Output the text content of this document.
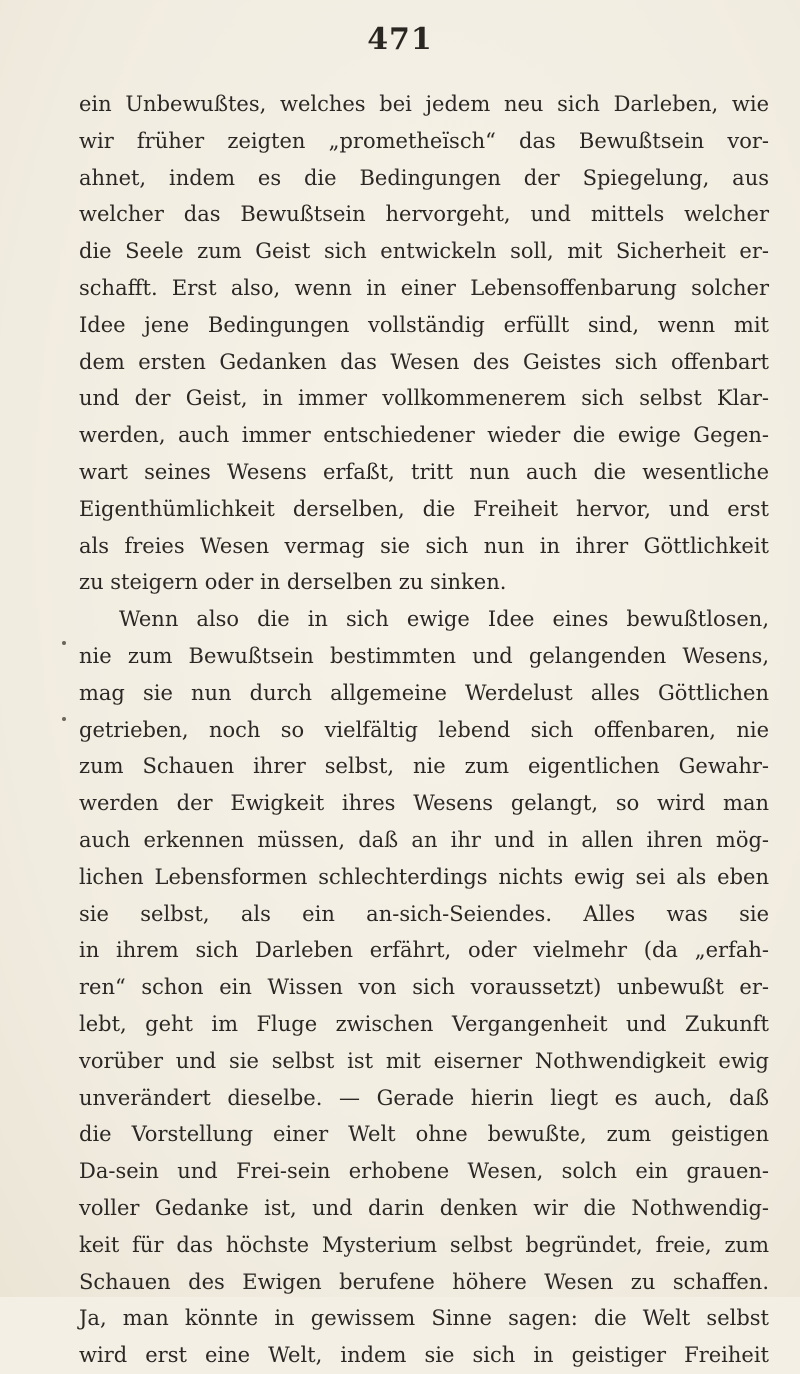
471
ein Unbewußtes, welches bei jedem neu sich Darleben, wie
wir früher zeigten „prometheïsch“ das Bewußtsein vor-
ahnet, indem es die Bedingungen der Spiegelung, aus
welcher das Bewußtsein hervorgeht, und mittels welcher
die Seele zum Geist sich entwickeln soll, mit Sicherheit er-
schafft. Erst also, wenn in einer Lebensoffenbarung solcher
Idee jene Bedingungen vollständig erfüllt sind, wenn mit
dem ersten Gedanken das Wesen des Geistes sich offenbart
und der Geist, in immer vollkommenerem sich selbst Klar-
werden, auch immer entschiedener wieder die ewige Gegen-
wart seines Wesens erfaßt, tritt nun auch die wesentliche
Eigenthümlichkeit derselben, die Freiheit hervor, und erst
als freies Wesen vermag sie sich nun in ihrer Göttlichkeit
zu steigern oder in derselben zu sinken.
Wenn also die in sich ewige Idee eines bewußtlosen,
nie zum Bewußtsein bestimmten und gelangenden Wesens,
mag sie nun durch allgemeine Werdelust alles Göttlichen
getrieben, noch so vielfältig lebend sich offenbaren, nie
zum Schauen ihrer selbst, nie zum eigentlichen Gewahr-
werden der Ewigkeit ihres Wesens gelangt, so wird man
auch erkennen müssen, daß an ihr und in allen ihren mög-
lichen Lebensformen schlechterdings nichts ewig sei als eben
sie selbst, als ein an-sich-Seiendes. Alles was sie
in ihrem sich Darleben erfährt, oder vielmehr (da „erfah-
ren“ schon ein Wissen von sich voraussetzt) unbewußt er-
lebt, geht im Fluge zwischen Vergangenheit und Zukunft
vorüber und sie selbst ist mit eiserner Nothwendigkeit ewig
unverändert dieselbe. — Gerade hierin liegt es auch, daß
die Vorstellung einer Welt ohne bewußte, zum geistigen
Da-sein und Frei-sein erhobene Wesen, solch ein grauen-
voller Gedanke ist, und darin denken wir die Nothwendig-
keit für das höchste Mysterium selbst begründet, freie, zum
Schauen des Ewigen berufene höhere Wesen zu schaffen.
Ja, man könnte in gewissem Sinne sagen: die Welt selbst
wird erst eine Welt, indem sie sich in geistiger Freiheit
